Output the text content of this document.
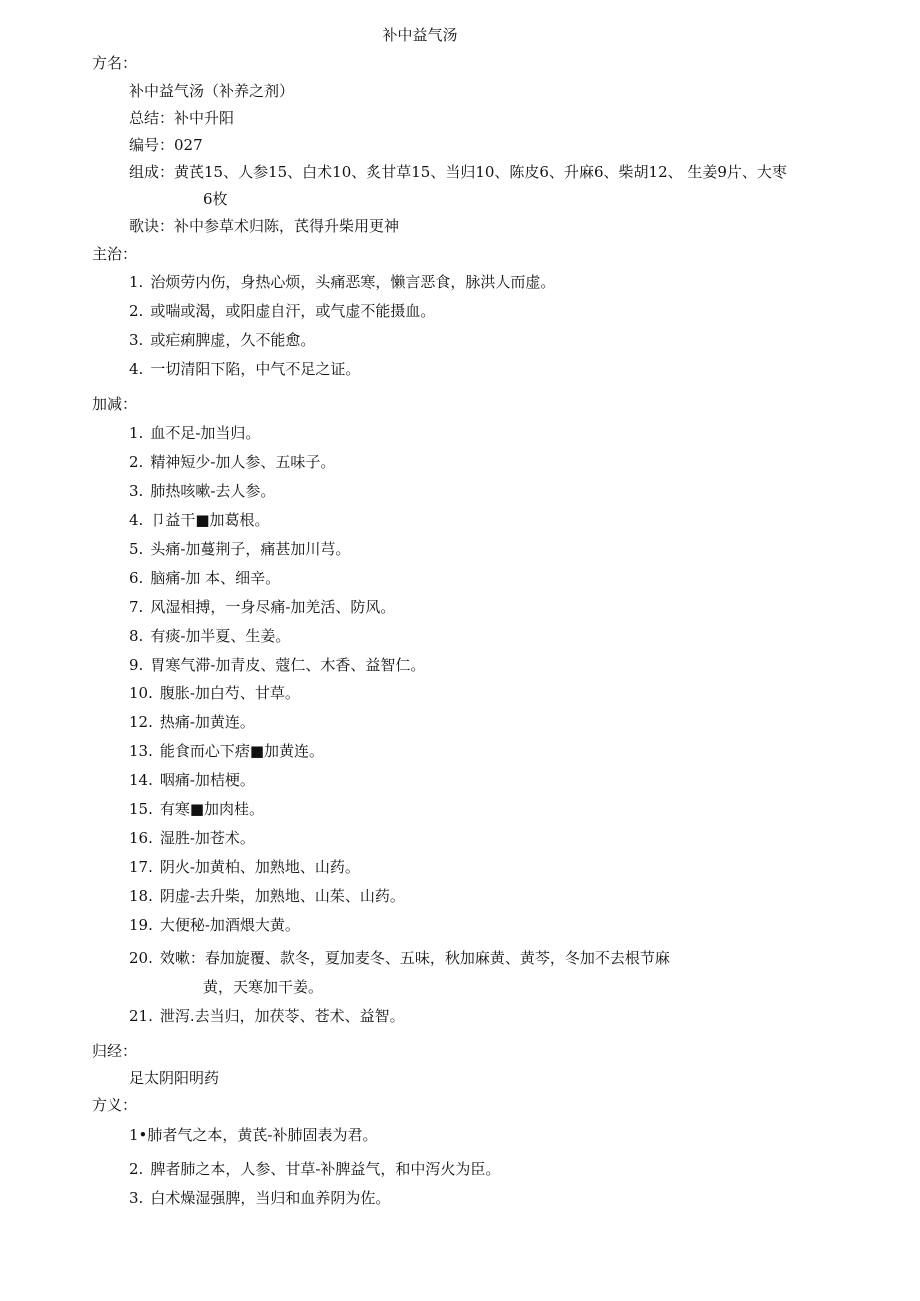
补中益气汤
方名：
补中益气汤（补养之剂）
总结：补中升阳
编号：027
组成：黄芪15、人参15、白术10、炙甘草15、当归10、陈皮6、升麻6、柴胡12、 生姜9片、大枣
6枚
歌诀：补中参草术归陈，芪得升柴用更神
主治：
1. 治烦劳内伤，身热心烦，头痛恶寒，懒言恶食，脉洪人而虚。
2. 或喘或渴，或阳虚自汗，或气虚不能摄血。
3. 或疟痢脾虚，久不能愈。
4. 一切清阳下陷，中气不足之证。
加减：
1. 血不足-加当归。
2. 精神短少-加人参、五味子。
3. 肺热咳嗽-去人参。
4. 卩益干■加葛根。
5. 头痛-加蔓荆子，痛甚加川芎。
6. 脑痛-加 本、细辛。
7. 风湿相搏，一身尽痛-加羌活、防风。
8. 有痰-加半夏、生姜。
9. 胃寒气滞-加青皮、蔻仁、木香、益智仁。
10. 腹胀-加白芍、甘草。
12. 热痛-加黄连。
13. 能食而心下痞■加黄连。
14. 咽痛-加桔梗。
15. 有寒■加肉桂。
16. 湿胜-加苍术。
17. 阴火-加黄柏、加熟地、山药。
18. 阴虚-去升柴，加熟地、山茱、山药。
19. 大便秘-加酒煨大黄。
20. 效嗽：春加旋覆、款冬，夏加麦冬、五味，秋加麻黄、黄芩，冬加不去根节麻
黄，天寒加干姜。
21. 泄泻.去当归，加茯苓、苍术、益智。
归经：
足太阴阳明药
方义：
1•肺者气之本，黄芪-补肺固表为君。
2. 脾者肺之本，人参、甘草-补脾益气，和中泻火为臣。
3. 白术燥湿强脾，当归和血养阴为佐。
